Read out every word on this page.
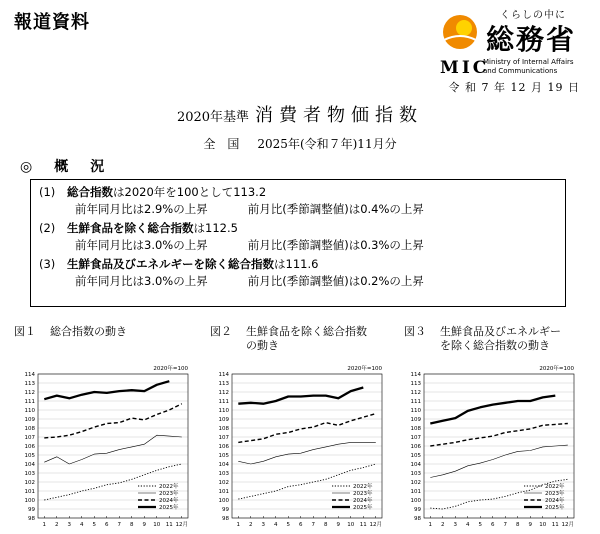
報道資料	くらしの中に
総務省
MIC
Ministry of Internal Affairs
and Communications
令 和 7 年 12 月 19 日
2020年基準 消費者物価指数
全　国 2025年(令和７年)11月分
◎　概　況
(1) 総合指数は2020年を100として113.2
前年同月比は2.9%の上昇	前月比(季節調整値)は0.4%の上昇
(2) 生鮮食品を除く総合指数は112.5
前年同月比は3.0%の上昇	前月比(季節調整値)は0.3%の上昇
(3) 生鮮食品及びエネルギーを除く総合指数は111.6
前年同月比は3.0%の上昇	前月比(季節調整値)は0.2%の上昇
図１ 総合指数の動き	図２ 生鮮食品を除く総合指数
の動き
図３ 生鮮食品及びエネルギー
を除く総合指数の動き
2020年=100
98
99
100
101
102
103
104
105
106
107
108
109
110
111
112
113
114
1 2 3 4 5 6 7 8 9 10 11 12月
2022年
2023年
2024年
2025年
2020年=100
98
99
100
101
102
103
104
105
106
107
108
109
110
111
112
113
114
1 2 3 4 5 6 7 8 9 10 11 12月
2022年
2023年
2024年
2025年
2020年=100
98
99
100
101
102
103
104
105
106
107
108
109
110
111
112
113
114
1 2 3 4 5 6 7 8 9 10 11 12月
2022年
2023年
2024年
2025年
